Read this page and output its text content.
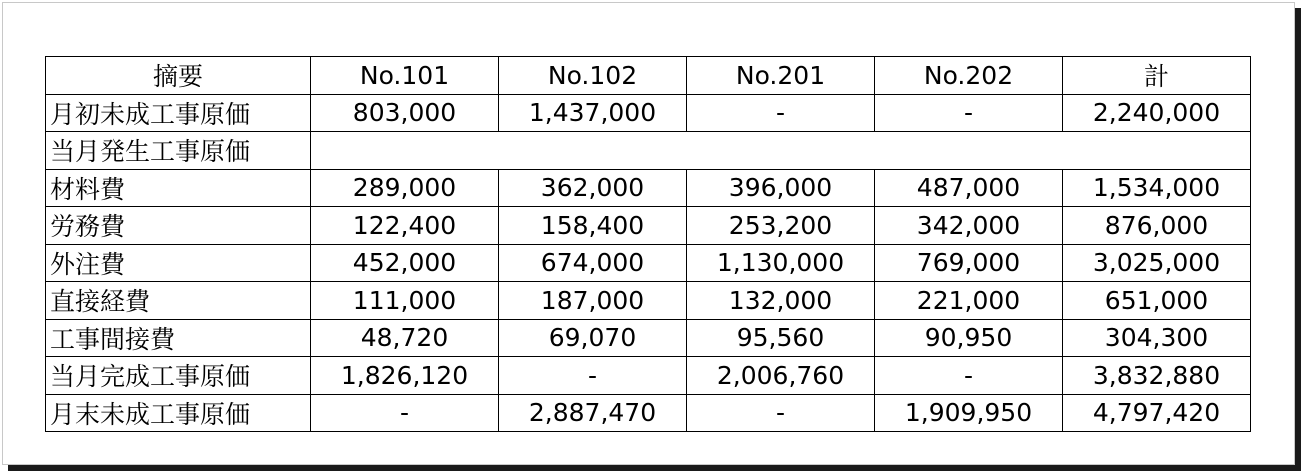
摘要	No.101	No.102	No.201	No.202	計
月初未成工事原価	803,000	1,437,000	-	-	2,240,000
当月発生工事原価					
材料費	289,000	362,000	396,000	487,000	1,534,000
労務費	122,400	158,400	253,200	342,000	876,000
外注費	452,000	674,000	1,130,000	769,000	3,025,000
直接経費	111,000	187,000	132,000	221,000	651,000
工事間接費	48,720	69,070	95,560	90,950	304,300
当月完成工事原価	1,826,120	-	2,006,760	-	3,832,880
月末未成工事原価	-	2,887,470	-	1,909,950	4,797,420
